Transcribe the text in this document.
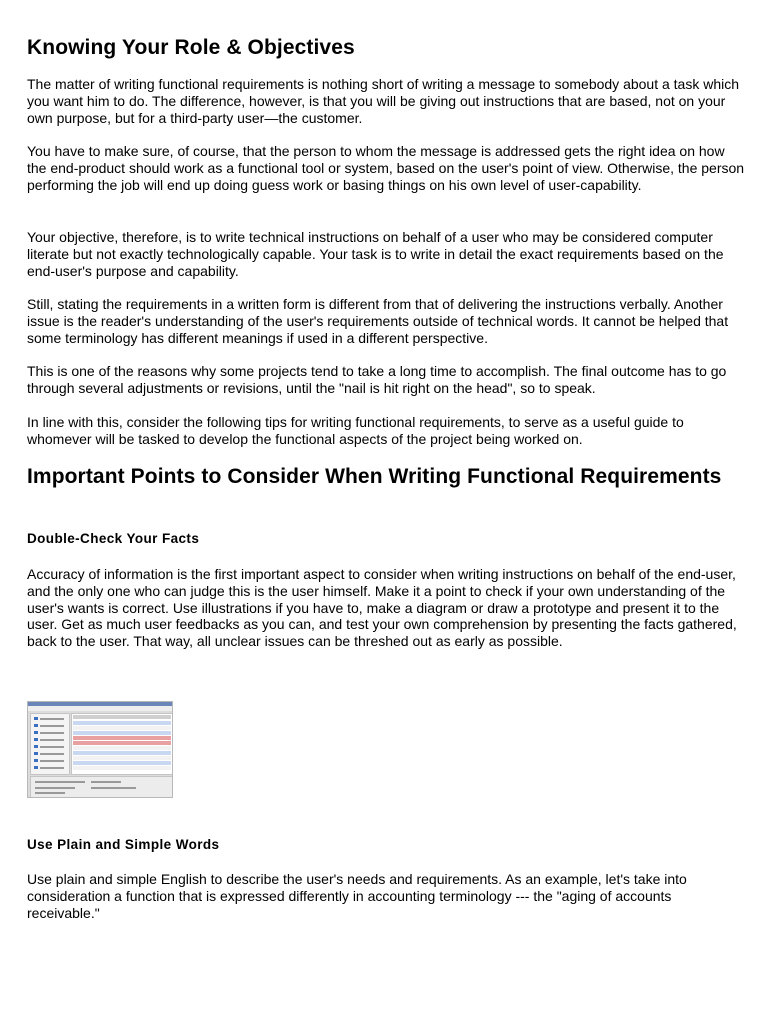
Knowing Your Role & Objectives

The matter of writing functional requirements is nothing short of writing a message to somebody about a task which you want him to do. The difference, however, is that you will be giving out instructions that are based, not on your own purpose, but for a third-party user—the customer.

You have to make sure, of course, that the person to whom the message is addressed gets the right idea on how the end-product should work as a functional tool or system, based on the user's point of view. Otherwise, the person performing the job will end up doing guess work or basing things on his own level of user-capability.

Your objective, therefore, is to write technical instructions on behalf of a user who may be considered computer literate but not exactly technologically capable. Your task is to write in detail the exact requirements based on the end-user's purpose and capability.

Still, stating the requirements in a written form is different from that of delivering the instructions verbally. Another issue is the reader's understanding of the user's requirements outside of technical words. It cannot be helped that some terminology has different meanings if used in a different perspective.

This is one of the reasons why some projects tend to take a long time to accomplish. The final outcome has to go through several adjustments or revisions, until the "nail is hit right on the head", so to speak.

In line with this, consider the following tips for writing functional requirements, to serve as a useful guide to whomever will be tasked to develop the functional aspects of the project being worked on.

Important Points to Consider When Writing Functional Requirements
Double-Check Your Facts

Accuracy of information is the first important aspect to consider when writing instructions on behalf of the end-user, and the only one who can judge this is the user himself. Make it a point to check if your own understanding of the user's wants is correct. Use illustrations if you have to, make a diagram or draw a prototype and present it to the user. Get as much user feedbacks as you can, and test your own comprehension by presenting the facts gathered, back to the user. That way, all unclear issues can be threshed out as early as possible.

Use Plain and Simple Words

Use plain and simple English to describe the user's needs and requirements. As an example, let's take into consideration a function that is expressed differently in accounting terminology --- the "aging of accounts receivable."
